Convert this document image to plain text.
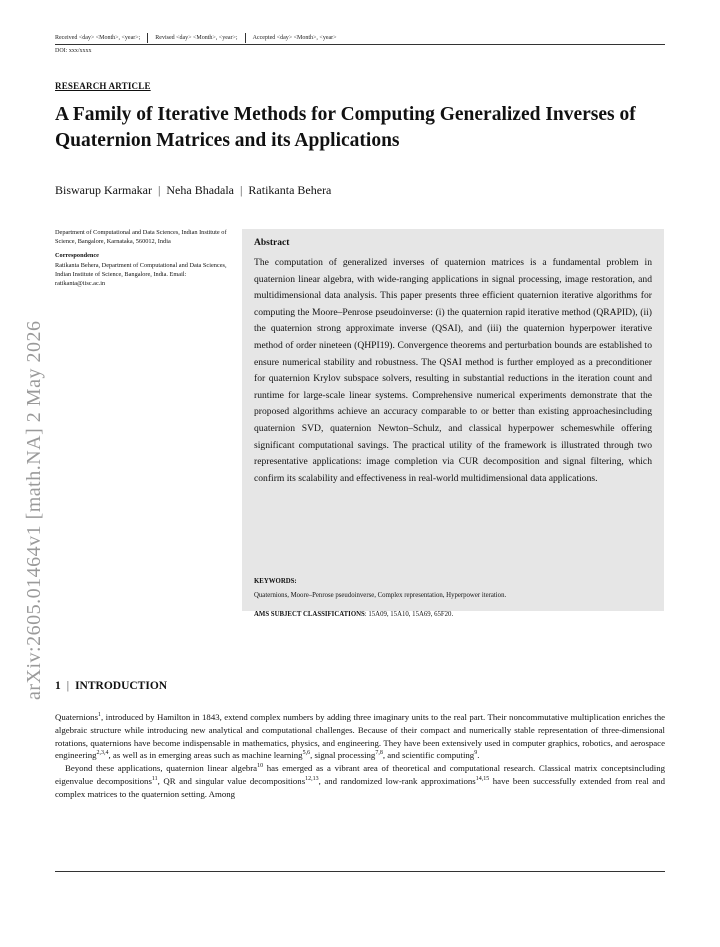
Received <day> <Month>, <year>;	Revised <day> <Month>, <year>;	Accepted <day> <Month>, <year>
DOI: xxx/xxxx
arXiv:2605.01464v1 [math.NA] 2 May 2026
RESEARCH ARTICLE
A Family of Iterative Methods for Computing Generalized Inverses of Quaternion Matrices and its Applications
Biswarup Karmakar | Neha Bhadala | Ratikanta Behera
Department of Computational and Data Sciences, Indian Institute of Science, Bangalore, Karnataka, 560012, India
Correspondence
Ratikanta Behera, Department of Computational and Data Sciences, Indian Institute of Science, Bangalore, India. Email: ratikanta@iisc.ac.in
Abstract

The computation of generalized inverses of quaternion matrices is a fundamental problem in quaternion linear algebra, with wide-ranging applications in signal processing, image restoration, and multidimensional data analysis. This paper presents three efficient quaternion iterative algorithms for computing the Moore–Penrose pseudoinverse: (i) the quaternion rapid iterative method (QRAPID), (ii) the quaternion strong approximate inverse (QSAI), and (iii) the quaternion hyperpower iterative method of order nineteen (QHPI19). Convergence theorems and perturbation bounds are established to ensure numerical stability and robustness. The QSAI method is further employed as a preconditioner for quaternion Krylov subspace solvers, resulting in substantial reductions in the iteration count and runtime for large-scale linear systems. Comprehensive numerical experiments demonstrate that the proposed algorithms achieve an accuracy comparable to or better than existing approachesincluding quaternion SVD, quaternion Newton–Schulz, and classical hyperpower schemeswhile offering significant computational savings. The practical utility of the framework is illustrated through two representative applications: image completion via CUR decomposition and signal filtering, which confirm its scalability and effectiveness in real-world multidimensional data applications.

KEYWORDS:
Quaternions, Moore–Penrose pseudoinverse, Complex representation, Hyperpower iteration.
AMS SUBJECT CLASSIFICATIONS: 15A09, 15A10, 15A69, 65F20.
1 | INTRODUCTION

Quaternions$^1$, introduced by Hamilton in 1843, extend complex numbers by adding three imaginary units to the real part. Their noncommutative multiplication enriches the algebraic structure while introducing new analytical and computational challenges. Because of their compact and numerically stable representation of three-dimensional rotations, quaternions have become indispensable in mathematics, physics, and engineering. They have been extensively used in computer graphics, robotics, and aerospace engineering$^{2,3,4}$, as well as in emerging areas such as machine learning$^{5,6}$, signal processing$^{7,8}$, and scientific computing$^9$.

Beyond these applications, quaternion linear algebra$^{10}$ has emerged as a vibrant area of theoretical and computational research. Classical matrix conceptsincluding eigenvalue decompositions$^{11}$, QR and singular value decompositions$^{12,13}$, and randomized low-rank approximations$^{14,15}$ have been successfully extended from real and complex matrices to the quaternion setting. Among
